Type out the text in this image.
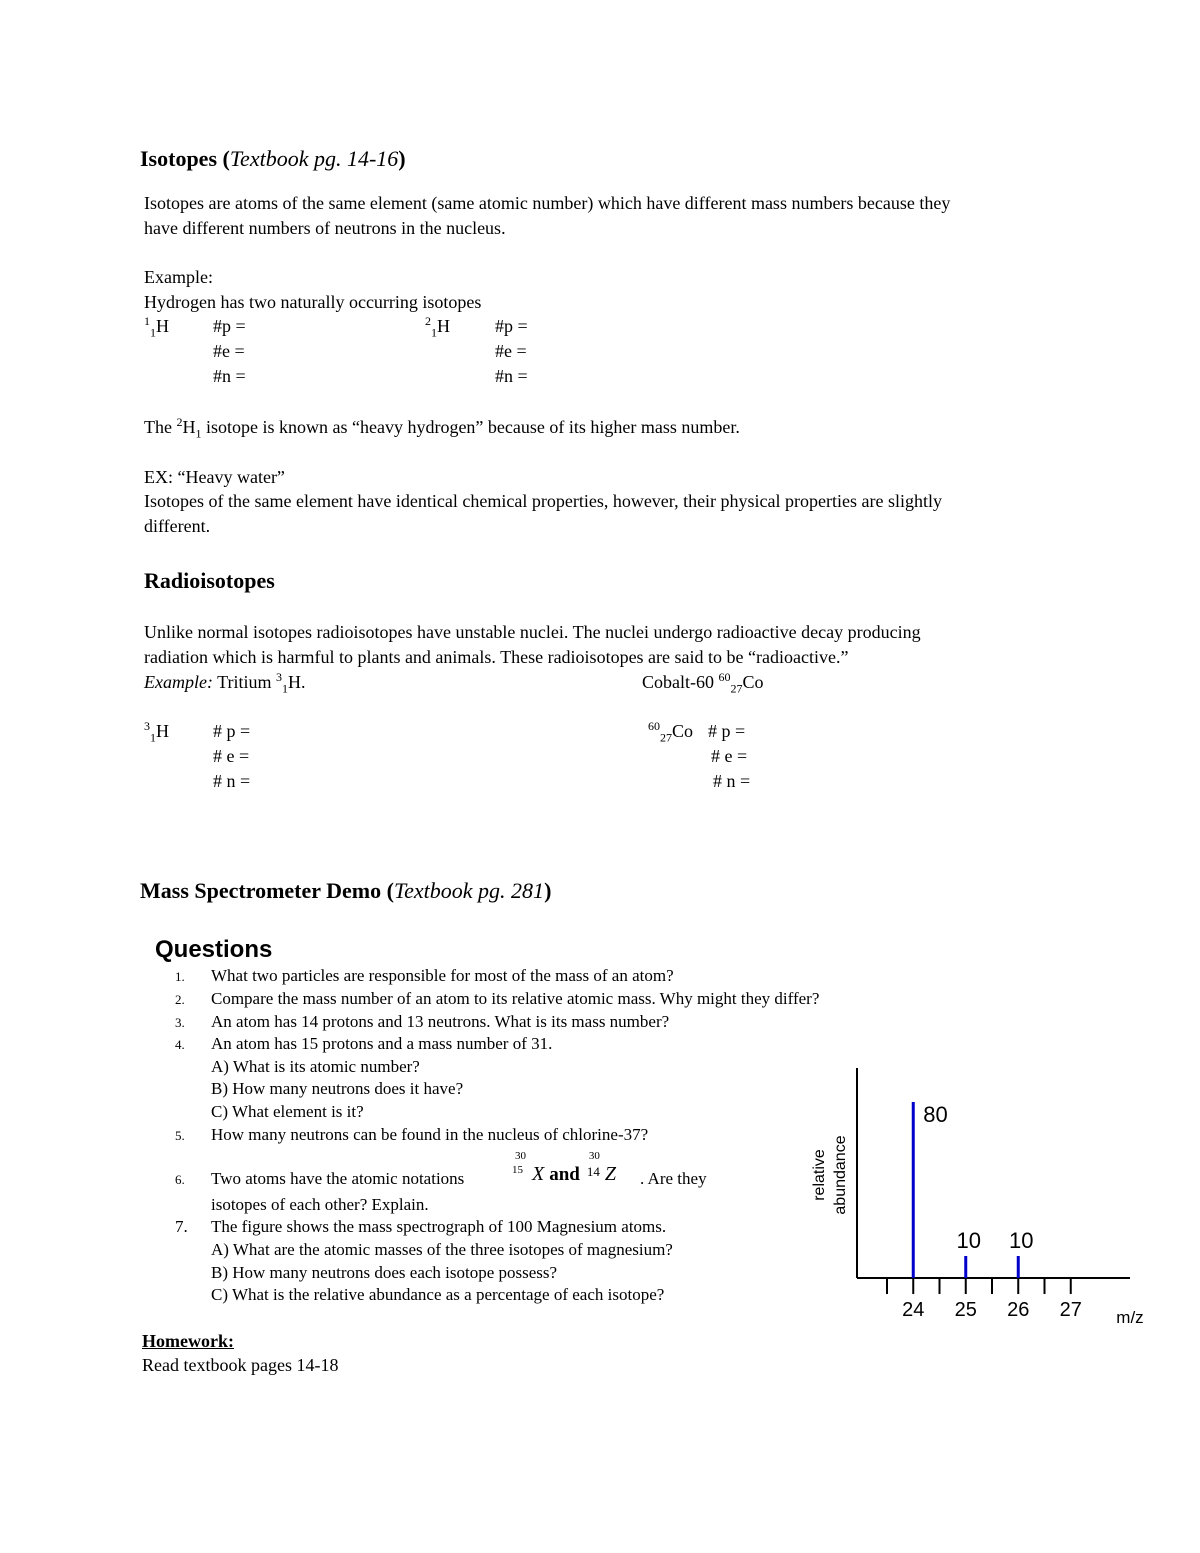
Isotopes (Textbook pg. 14-16)
Isotopes are atoms of the same element (same atomic number) which have different mass numbers because they
have different numbers of neutrons in the nucleus.
Example:
Hydrogen has two naturally occurring isotopes
$^1_1$H #p =
#e =
#n =
$^2_1$H	#p =
#e =
#n =
The $^2H_1$ isotope is known as “heavy hydrogen” because of its higher mass number.
EX: “Heavy water”
Isotopes of the same element have identical chemical properties, however, their physical properties are slightly
different.
Radioisotopes
Unlike normal isotopes radioisotopes have unstable nuclei. The nuclei undergo radioactive decay producing
radiation which is harmful to plants and animals. These radioisotopes are said to be “radioactive.”
Example: Tritium $^3_1$H.	Cobalt-60 $^{60}_{27}$Co
$^3_1$H # p =
# e =
# n =
$^{60}_{27}$Co # p =
# e =
# n =
Mass Spectrometer Demo (Textbook pg. 281)
Questions
1. What two particles are responsible for most of the mass of an atom?
2. Compare the mass number of an atom to its relative atomic mass. Why might they differ?
3. An atom has 14 protons and 13 neutrons. What is its mass number?
4. An atom has 15 protons and a mass number of 31.
A) What is its atomic number?
B) How many neutrons does it have?
C) What element is it?
5. How many neutrons can be found in the nucleus of chlorine-37?
6. Two atoms have the atomic notations
30
15 X and
30
14 Z . Are they
isotopes of each other? Explain.
7. The figure shows the mass spectrograph of 100 Magnesium atoms.
A) What are the atomic masses of the three isotopes of magnesium?
B) How many neutrons does each isotope possess?
C) What is the relative abundance as a percentage of each isotope?
Homework:
Read textbook pages 14-18
relative abundance
m/z
24 25 26 27
80
10 10
